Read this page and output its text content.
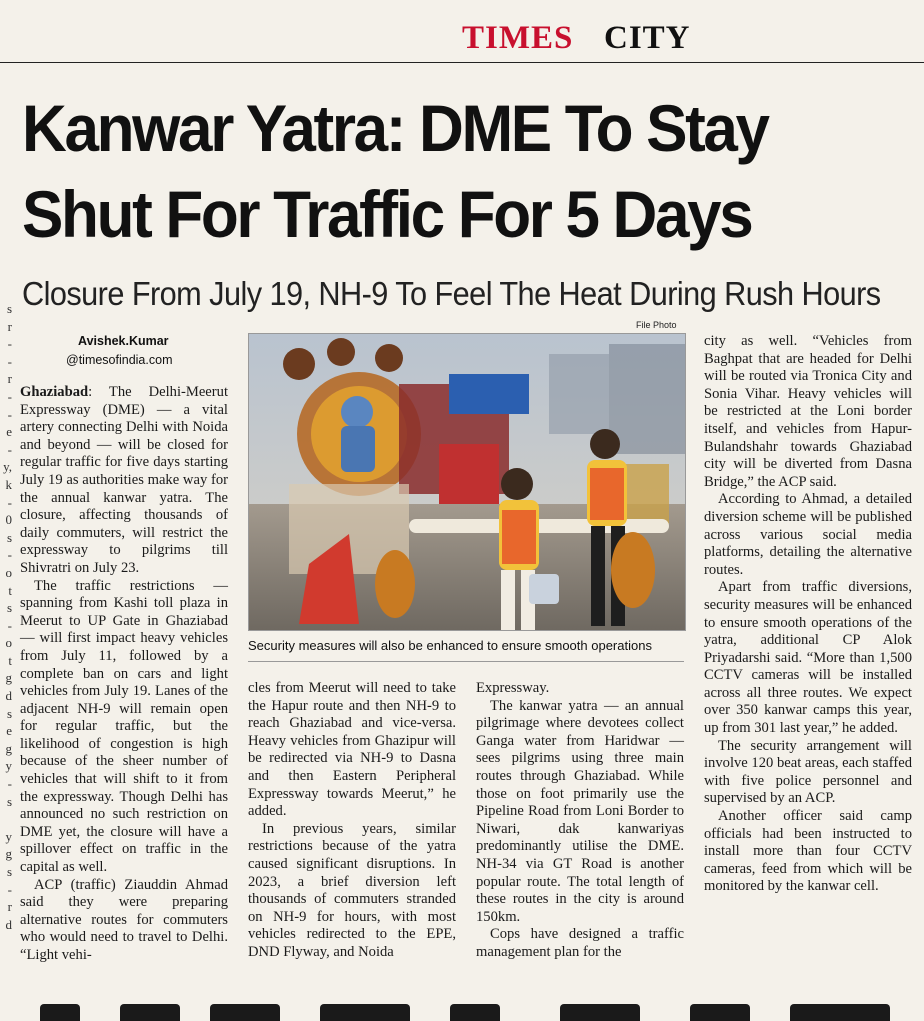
TIMES CITY
s
r
-
-
r
-
-
e
-
y,
k
-
0
s
-
o
t
s
-
o
t
g
d
s
e
g
y
-
s

y
g
s
-
r
d
Kanwar Yatra: DME To Stay Shut For Traffic For 5 Days
Closure From July 19, NH-9 To Feel The Heat During Rush Hours
Avishek.Kumar
@timesofindia.com

Ghaziabad: The Delhi-Meerut Expressway (DME) — a vital artery connecting Delhi with Noida and beyond — will be closed for regular traffic for five days starting July 19 as authorities make way for the annual kanwar yatra. The closure, affecting thousands of daily commuters, will restrict the expressway to pilgrims till Shivratri on July 23.

The traffic restrictions — spanning from Kashi toll plaza in Meerut to UP Gate in Ghaziabad — will first impact heavy vehicles from July 11, followed by a complete ban on cars and light vehicles from July 19. Lanes of the adjacent NH-9 will remain open for regular traffic, but the likelihood of congestion is high because of the sheer number of vehicles that will shift to it from the expressway. Though Delhi has announced no such restriction on DME yet, the closure will have a spillover effect on traffic in the capital as well.

ACP (traffic) Ziauddin Ahmad said they were preparing alternative routes for commuters who would need to travel to Delhi. “Light vehi-

File Photo
Security measures will also be enhanced to ensure smooth operations

cles from Meerut will need to take the Hapur route and then NH-9 to reach Ghaziabad and vice-versa. Heavy vehicles from Ghazipur will be redirected via NH-9 to Dasna and then Eastern Peripheral Expressway towards Meerut,” he added.

In previous years, similar restrictions because of the yatra caused significant disruptions. In 2023, a brief diversion left thousands of commuters stranded on NH-9 for hours, with most vehicles redirected to the EPE, DND Flyway, and Noida

Expressway.

The kanwar yatra — an annual pilgrimage where devotees collect Ganga water from Haridwar — sees pilgrims using three main routes through Ghaziabad. While those on foot primarily use the Pipeline Road from Loni Border to Niwari, dak kanwariyas predominantly utilise the DME. NH-34 via GT Road is another popular route. The total length of these routes in the city is around 150km.

Cops have designed a traffic management plan for the

city as well. “Vehicles from Baghpat that are headed for Delhi will be routed via Tronica City and Sonia Vihar. Heavy vehicles will be restricted at the Loni border itself, and vehicles from Hapur-Bulandshahr towards Ghaziabad city will be diverted from Dasna Bridge,” the ACP said.

According to Ahmad, a detailed diversion scheme will be published across various social media platforms, detailing the alternative routes.

Apart from traffic diversions, security measures will be enhanced to ensure smooth operations of the yatra, additional CP Alok Priyadarshi said. “More than 1,500 CCTV cameras will be installed across all three routes. We expect over 350 kanwar camps this year, up from 301 last year,” he added.

The security arrangement will involve 120 beat areas, each staffed with five police personnel and supervised by an ACP.

Another officer said camp officials had been instructed to install more than four CCTV cameras, feed from which will be monitored by the kanwar cell.
